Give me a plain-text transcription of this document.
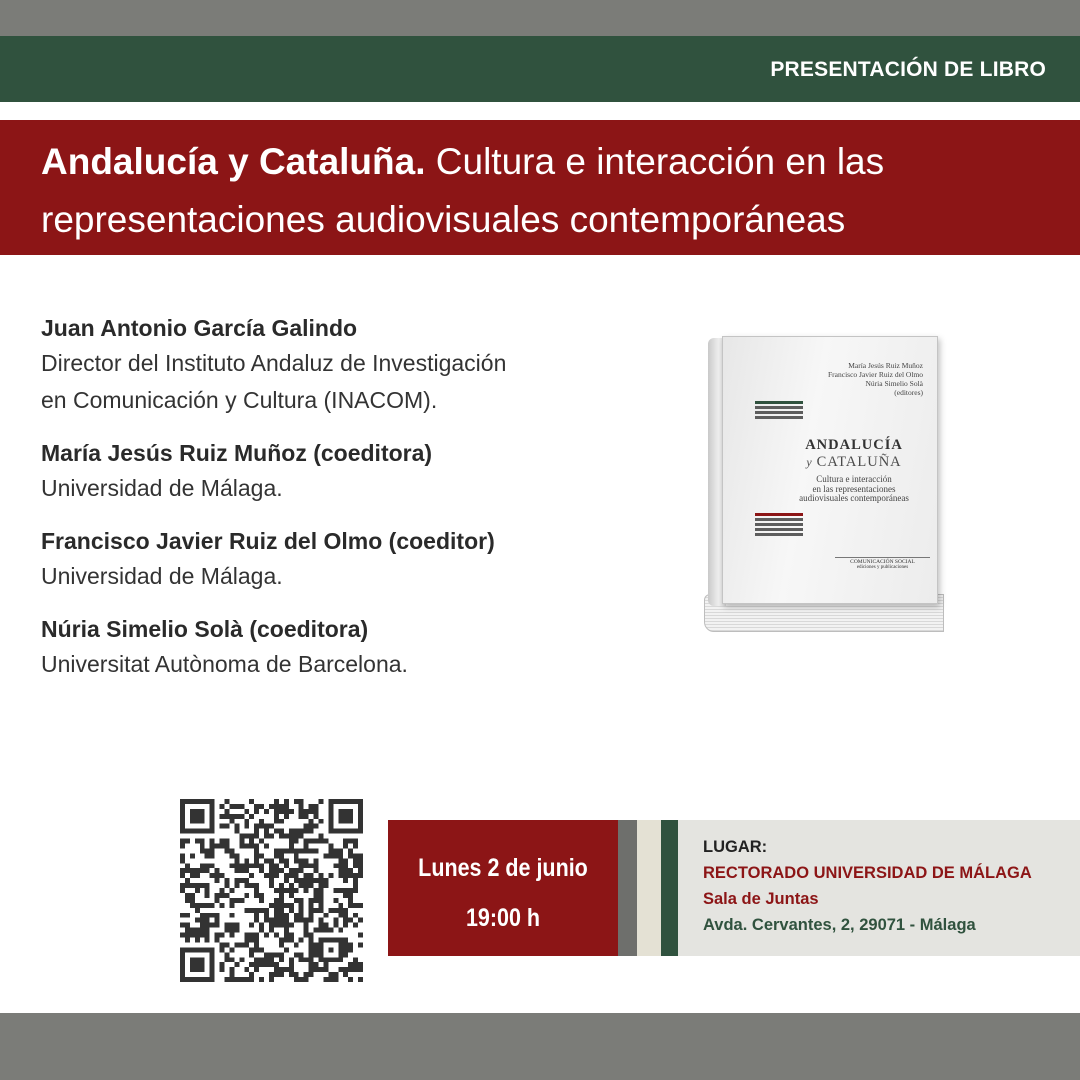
PRESENTACIÓN DE LIBRO
Andalucía y Cataluña. Cultura e interacción en las representaciones audiovisuales contemporáneas
Juan Antonio García Galindo
Director del Instituto Andaluz de Investigación
en Comunicación y Cultura (INACOM).
María Jesús Ruiz Muñoz (coeditora)
Universidad de Málaga.
Francisco Javier Ruiz del Olmo (coeditor)
Universidad de Málaga.
Núria Simelio Solà (coeditora)
Universitat Autònoma de Barcelona.
María Jesús Ruiz Muñoz
Francisco Javier Ruiz del Olmo
Núria Simelio Solà
(editores)
ANDALUCÍA
y CATALUÑA
Cultura e interacción
en las representaciones
audiovisuales contemporáneas
COMUNICACIÓN SOCIAL
ediciones y publicaciones
Lunes 2 de junio
19:00 h
LUGAR:
RECTORADO UNIVERSIDAD DE MÁLAGA
Sala de Juntas
Avda. Cervantes, 2, 29071 - Málaga
